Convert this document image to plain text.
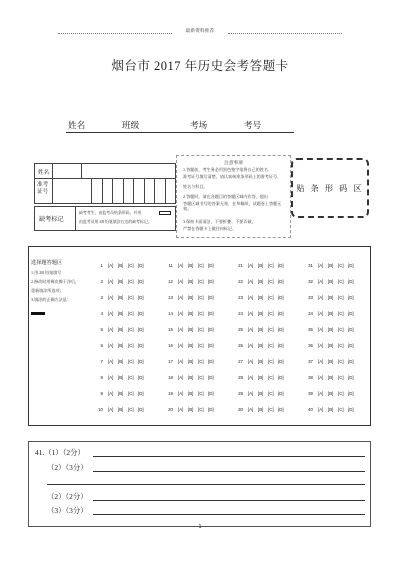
最新资料推荐
烟台市 2017 年历史会考答题卡
姓名	班级	考场	考号
姓名
准考证号
缺考标记
缺考考生，由监考员贴条形码，并用
由监考员用 2B 铅笔填涂右边的缺考标记。
注意事项
1.答题前，考生务必用黑色签字笔将自己的姓名、
准考证号填写清楚，请认真核准条形码上的准考证号、
姓名与科目。
2.答题时，请在各题目的答题区域内作答，超出
答题区域书写的答案无效，在草稿纸、试题卷上答题无效。
3.保持卡面清洁，不要折叠、不要弄破，
严禁在答题卡上做任何标记。
贴 条 形 码 区
选择题答题区
1.用 2B 铅笔填写
2.修改时用橡皮擦干净后，
重新填涂所选项；
3.填涂的正确方法是：
1 [A] [B] [C] [D]
2 [A] [B] [C] [D]
3 [A] [B] [C] [D]
4 [A] [B] [C] [D]
5 [A] [B] [C] [D]
6 [A] [B] [C] [D]
7 [A] [B] [C] [D]
8 [A] [B] [C] [D]
9 [A] [B] [C] [D]
10 [A] [B] [C] [D]
11 [A] [B] [C] [D]
12 [A] [B] [C] [D]
13 [A] [B] [C] [D]
14 [A] [B] [C] [D]
15 [A] [B] [C] [D]
16 [A] [B] [C] [D]
17 [A] [B] [C] [D]
18 [A] [B] [C] [D]
19 [A] [B] [C] [D]
20 [A] [B] [C] [D]
21 [A] [B] [C] [D]
22 [A] [B] [C] [D]
23 [A] [B] [C] [D]
24 [A] [B] [C] [D]
25 [A] [B] [C] [D]
26 [A] [B] [C] [D]
27 [A] [B] [C] [D]
28 [A] [B] [C] [D]
29 [A] [B] [C] [D]
30 [A] [B] [C] [D]
31 [A] [B] [C] [D]
32 [A] [B] [C] [D]
33 [A] [B] [C] [D]
34 [A] [B] [C] [D]
35 [A] [B] [C] [D]
36 [A] [B] [C] [D]
37 [A] [B] [C] [D]
38 [A] [B] [C] [D]
39 [A] [B] [C] [D]
40 [A] [B] [C] [D]
41.（1）（2分）
（2）（3分）
（2）（2分）
（3）（3分）
1
